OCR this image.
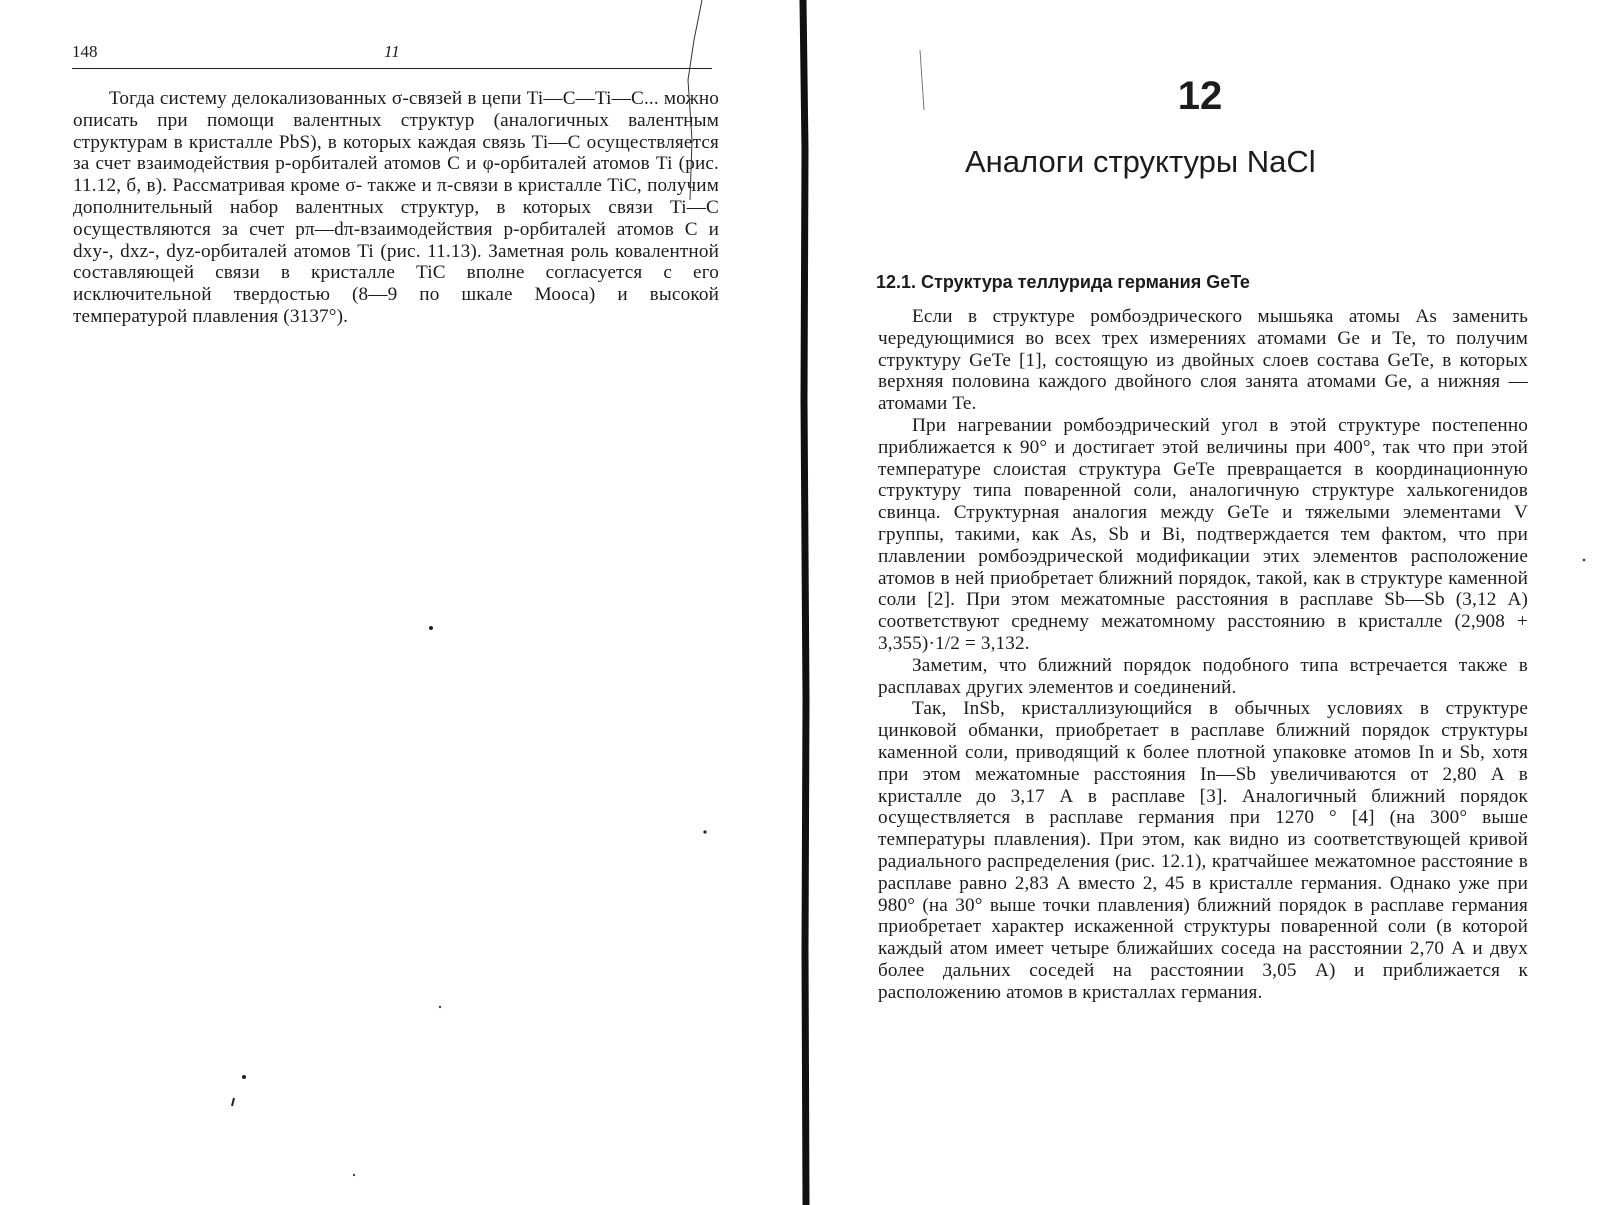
148	11

Тогда систему делокализованных σ-связей в цепи Ti—C—Ti—C... можно описать при помощи валентных структур (аналогичных валентным структурам в кристалле PbS), в которых каждая связь Ti—C осуществляется за счет взаимодействия p-орбиталей атомов C и φ-орбиталей атомов Ti (рис. 11.12, б, в). Рассматривая кроме σ- также и π-связи в кристалле TiC, получим дополнительный набор валентных структур, в которых связи Ti—C осуществляются за счет pπ—dπ-взаимодействия p-орбиталей атомов C и dxy-, dxz-, dyz-орбиталей атомов Ti (рис. 11.13). Заметная роль ковалентной составляющей связи в кристалле TiC вполне согласуется с его исключительной твердостью (8—9 по шкале Мооса) и высокой температурой плавления (3137°).

12
Аналоги структуры NaCl
12.1. Структура теллурида германия GeTe

Если в структуре ромбоэдрического мышьяка атомы As заменить чередующимися во всех трех измерениях атомами Ge и Te, то получим структуру GeTe [1], состоящую из двойных слоев состава GeTe, в которых верхняя половина каждого двойного слоя занята атомами Ge, а нижняя — атомами Te.

При нагревании ромбоэдрический угол в этой структуре постепенно приближается к 90° и достигает этой величины при 400°, так что при этой температуре слоистая структура GeTe превращается в координационную структуру типа поваренной соли, аналогичную структуре халькогенидов свинца. Структурная аналогия между GeTe и тяжелыми элементами V группы, такими, как As, Sb и Bi, подтверждается тем фактом, что при плавлении ромбоэдрической модификации этих элементов расположение атомов в ней приобретает ближний порядок, такой, как в структуре каменной соли [2]. При этом межатомные расстояния в расплаве Sb—Sb (3,12 А) соответствуют среднему межатомному расстоянию в кристалле (2,908 + 3,355)·1/2 = 3,132.

Заметим, что ближний порядок подобного типа встречается также в расплавах других элементов и соединений.

Так, InSb, кристаллизующийся в обычных условиях в структуре цинковой обманки, приобретает в расплаве ближний порядок структуры каменной соли, приводящий к более плотной упаковке атомов In и Sb, хотя при этом межатомные расстояния In—Sb увеличиваются от 2,80 А в кристалле до 3,17 А в расплаве [3]. Аналогичный ближний порядок осуществляется в расплаве германия при 1270 ° [4] (на 300° выше температуры плавления). При этом, как видно из соответствующей кривой радиального распределения (рис. 12.1), кратчайшее межатомное расстояние в расплаве равно 2,83 А вместо 2, 45 в кристалле германия. Однако уже при 980° (на 30° выше точки плавления) ближний порядок в расплаве германия приобретает характер искаженной структуры поваренной соли (в которой каждый атом имеет четыре ближайших соседа на расстоянии 2,70 А и двух более дальних соседей на расстоянии 3,05 А) и приближается к расположению атомов в кристаллах германия.
